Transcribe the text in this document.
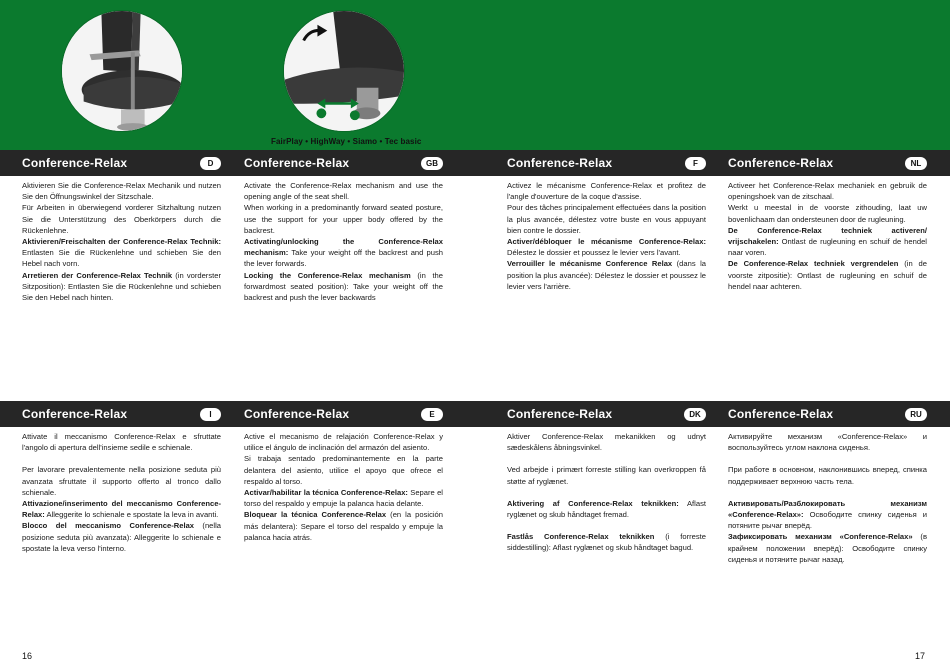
FairPlay • HighWay • Siamo • Tec basic
Conference-Relax	D	Conference-Relax	GB	Conference-Relax	F	Conference-Relax	NL

Aktivieren Sie die Conference-Relax Mechanik und nutzen Sie den Öffnungswinkel der Sitzschale.

Für Arbeiten in überwiegend vorderer Sitzhaltung nutzen Sie die Unterstützung des Oberkörpers durch die Rückenlehne.

Aktivieren/Freischalten der Conference-Relax Technik: Entlasten Sie die Rückenlehne und schieben Sie den Hebel nach vorn.

Arretieren der Conference-Relax Technik (in vorderster Sitzposition): Entlasten Sie die Rückenlehne und schieben Sie den Hebel nach hinten.

Activate the Conference-Relax mechanism and use the opening angle of the seat shell.

When working in a predominantly forward seated posture, use the support for your upper body offered by the backrest.

Activating/unlocking the Conference-Relax mechanism: Take your weight off the backrest and push the lever forwards.

Locking the Conference-Relax mechanism (in the forwardmost seated position): Take your weight off the backrest and push the lever backwards

Activez le mécanisme Conference-Relax et profitez de l'angle d'ouverture de la coque d'assise.

Pour des tâches principalement effectuées dans la position la plus avancée, délestez votre buste en vous appuyant bien contre le dossier.

Activer/débloquer le mécanisme Conference-Relax: Délestez le dossier et poussez le levier vers l'avant.

Verrouiller le mécanisme Conference Relax (dans la position la plus avancée): Délestez le dossier et poussez le levier vers l'arrière.

Activeer het Conference-Relax mechaniek en gebruik de openingshoek van de zitschaal.

Werkt u meestal in de voorste zithouding, laat uw bovenlichaam dan ondersteunen door de rugleuning.

De Conference-Relax techniek activeren/ vrijschakelen: Ontlast de rugleuning en schuif de hendel naar voren.

De Conference-Relax techniek vergrendelen (in de voorste zitpositie): Ontlast de rugleuning en schuif de hendel naar achteren.

Conference-Relax	I	Conference-Relax	E	Conference-Relax	DK	Conference-Relax	RU

Attivate il meccanismo Conference-Relax e sfruttate l'angolo di apertura dell'insieme sedile e schienale.

Per lavorare prevalentemente nella posizione seduta più avanzata sfruttate il supporto offerto al tronco dallo schienale.

Attivazione/inserimento del meccanismo Conference-Relax: Alleggerite lo schienale e spostate la leva in avanti.

Blocco del meccanismo Conference-Relax (nella posizione seduta più avanzata): Alleggerite lo schienale e spostate la leva verso l'interno.

Active el mecanismo de relajación Conference-Relax y utilice el ángulo de inclinación del armazón del asiento.

Si trabaja sentado predominantemente en la parte delantera del asiento, utilice el apoyo que ofrece el respaldo al torso.

Activar/habilitar la técnica Conference-Relax: Separe el torso del respaldo y empuje la palanca hacia delante.

Bloquear la técnica Conference-Relax (en la posición más delantera): Separe el torso del respaldo y empuje la palanca hacia atrás.

Aktiver Conference-Relax mekanikken og udnyt sædeskålens åbningsvinkel.

Ved arbejde i primært forreste stilling kan overkroppen få støtte af ryglænet.

Aktivering af Conference-Relax teknikken: Aflast ryglænet og skub håndtaget fremad.

Fastlås Conference-Relax teknikken (i forreste siddestilling): Aflast ryglænet og skub håndtaget bagud.

Активируйте механизм «Conference-Relax» и воспользуйтесь углом наклона сиденья.

При работе в основном, наклонившись вперед, спинка поддерживает верхнюю часть тела.

Активировать/Разблокировать механизм «Conference-Relax»: Освободите спинку сиденья и потяните рычаг вперёд.

Зафиксировать механизм «Conference-Relax» (в крайнем положении вперёд): Освободите спинку сиденья и потяните рычаг назад.

16	17
